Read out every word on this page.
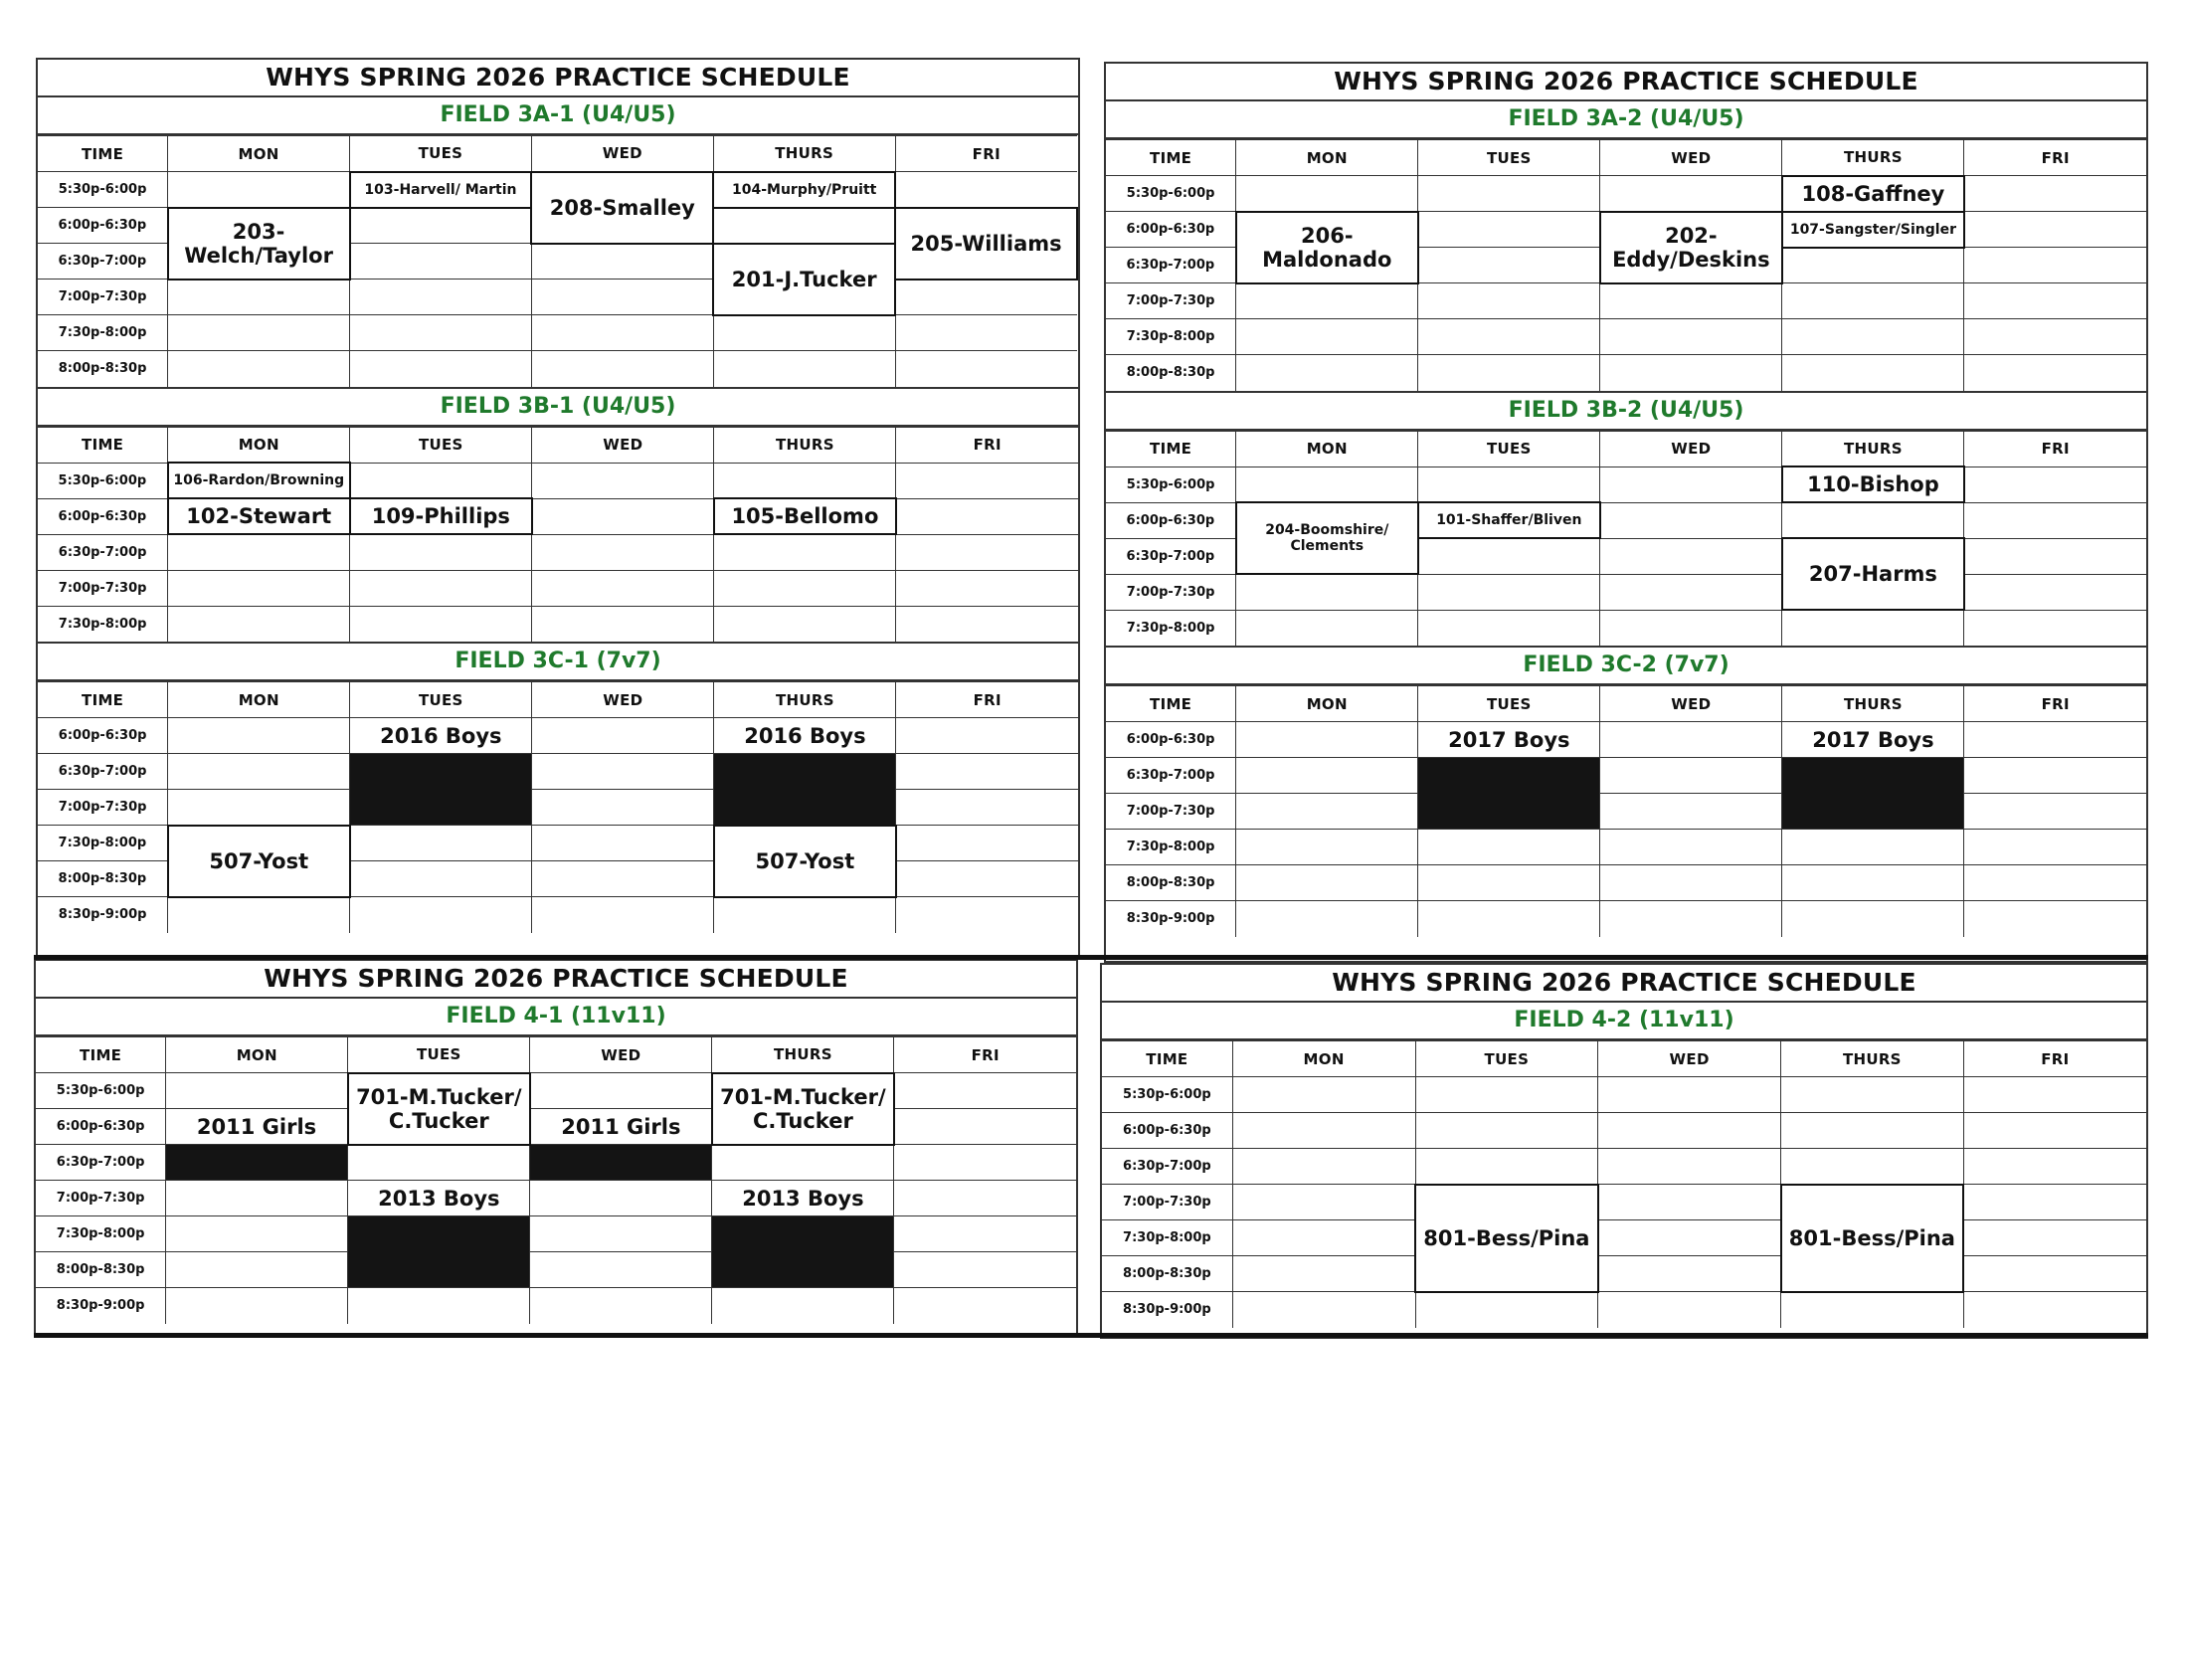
WHYS SPRING 2026 PRACTICE SCHEDULE
FIELD 3A-1 (U4/U5)
TIME	MON	TUES	WED	THURS	FRI
5:30p-6:00p		103-Harvell/ Martin	208-Smalley	104-Murphy/Pruitt	
6:00p-6:30p	203- Welch/Taylor				205-Williams
6:30p-7:00p				201-J.Tucker	
7:00p-7:30p					
7:30p-8:00p					
8:00p-8:30p					
FIELD 3B-1 (U4/U5)
TIME	MON	TUES	WED	THURS	FRI
5:30p-6:00p	106-Rardon/Browning				
6:00p-6:30p	102-Stewart	109-Phillips		105-Bellomo	
6:30p-7:00p					
7:00p-7:30p					
7:30p-8:00p					
FIELD 3C-1 (7v7)
TIME	MON	TUES	WED	THURS	FRI
6:00p-6:30p		2016 Boys		2016 Boys	
6:30p-7:00p					
7:00p-7:30p					
7:30p-8:00p	507-Yost			507-Yost	
8:00p-8:30p					
8:30p-9:00p					
WHYS SPRING 2026 PRACTICE SCHEDULE
FIELD 3A-2 (U4/U5)
TIME	MON	TUES	WED	THURS	FRI
5:30p-6:00p				108-Gaffney	
6:00p-6:30p	206-Maldonado		202- Eddy/Deskins	107-Sangster/Singler	
6:30p-7:00p					
7:00p-7:30p					
7:30p-8:00p					
8:00p-8:30p					
FIELD 3B-2 (U4/U5)
TIME	MON	TUES	WED	THURS	FRI
5:30p-6:00p				110-Bishop	
6:00p-6:30p	204-Boomshire/ Clements	101-Shaffer/Bliven			
6:30p-7:00p				207-Harms	
7:00p-7:30p					
7:30p-8:00p					
FIELD 3C-2 (7v7)
TIME	MON	TUES	WED	THURS	FRI
6:00p-6:30p		2017 Boys		2017 Boys	
6:30p-7:00p					
7:00p-7:30p					
7:30p-8:00p					
8:00p-8:30p					
8:30p-9:00p					
WHYS SPRING 2026 PRACTICE SCHEDULE
FIELD 4-1 (11v11)
TIME	MON	TUES	WED	THURS	FRI
5:30p-6:00p		701-M.Tucker/ C.Tucker		701-M.Tucker/ C.Tucker	
6:00p-6:30p	2011 Girls		2011 Girls		
6:30p-7:00p					
7:00p-7:30p		2013 Boys		2013 Boys	
7:30p-8:00p					
8:00p-8:30p					
8:30p-9:00p					
WHYS SPRING 2026 PRACTICE SCHEDULE
FIELD 4-2 (11v11)
TIME	MON	TUES	WED	THURS	FRI
5:30p-6:00p					
6:00p-6:30p					
6:30p-7:00p					
7:00p-7:30p		801-Bess/Pina		801-Bess/Pina	
7:30p-8:00p					
8:00p-8:30p					
8:30p-9:00p					
